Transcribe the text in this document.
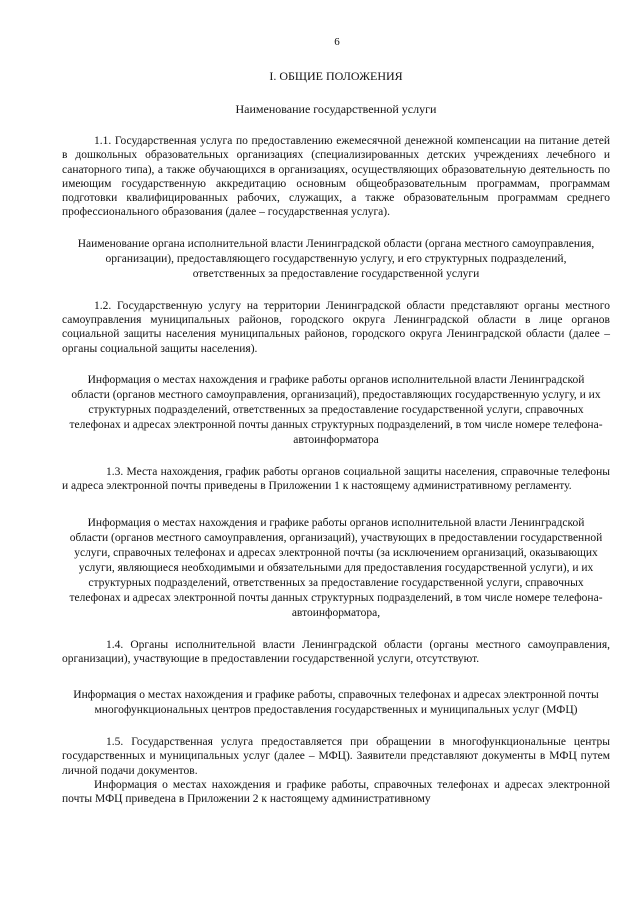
6
I. ОБЩИЕ ПОЛОЖЕНИЯ
Наименование государственной услуги

1.1. Государственная услуга по предоставлению ежемесячной денежной компенсации на питание детей в дошкольных образовательных организациях (специализированных детских учреждениях лечебного и санаторного типа), а также обучающихся в организациях, осуществляющих образовательную деятельность по имеющим государственную аккредитацию основным общеобразовательным программам, программам подготовки квалифицированных рабочих, служащих, а также образовательным программам среднего профессионального образования (далее – государственная услуга).

Наименование органа исполнительной власти Ленинградской области (органа местного самоуправления, организации), предоставляющего государственную услугу, и его структурных подразделений, ответственных за предоставление государственной услуги

1.2. Государственную услугу на территории Ленинградской области представляют органы местного самоуправления муниципальных районов, городского округа Ленинградской области в лице органов социальной защиты населения муниципальных районов, городского округа Ленинградской области (далее – органы социальной защиты населения).

Информация о местах нахождения и графике работы органов исполнительной власти Ленинградской области (органов местного самоуправления, организаций), предоставляющих государственную услугу, и их структурных подразделений, ответственных за предоставление государственной услуги, справочных телефонах и адресах электронной почты данных структурных подразделений, в том числе номере телефона-автоинформатора

1.3. Места нахождения, график работы органов социальной защиты населения, справочные телефоны и адреса электронной почты приведены в Приложении 1 к настоящему административному регламенту.

Информация о местах нахождения и графике работы органов исполнительной власти Ленинградской области (органов местного самоуправления, организаций), участвующих в предоставлении государственной услуги, справочных телефонах и адресах электронной почты (за исключением организаций, оказывающих услуги, являющиеся необходимыми и обязательными для предоставления государственной услуги), и их структурных подразделений, ответственных за предоставление государственной услуги, справочных телефонах и адресах электронной почты данных структурных подразделений, в том числе номере телефона-автоинформатора,

1.4. Органы исполнительной власти Ленинградской области (органы местного самоуправления, организации), участвующие в предоставлении государственной услуги, отсутствуют.

Информация о местах нахождения и графике работы, справочных телефонах и адресах электронной почты многофункциональных центров предоставления государственных и муниципальных услуг (МФЦ)

1.5. Государственная услуга предоставляется при обращении в многофункциональные центры государственных и муниципальных услуг (далее – МФЦ). Заявители представляют документы в МФЦ путем личной подачи документов.

Информация о местах нахождения и графике работы, справочных телефонах и адресах электронной почты МФЦ приведена в Приложении 2 к настоящему административному
